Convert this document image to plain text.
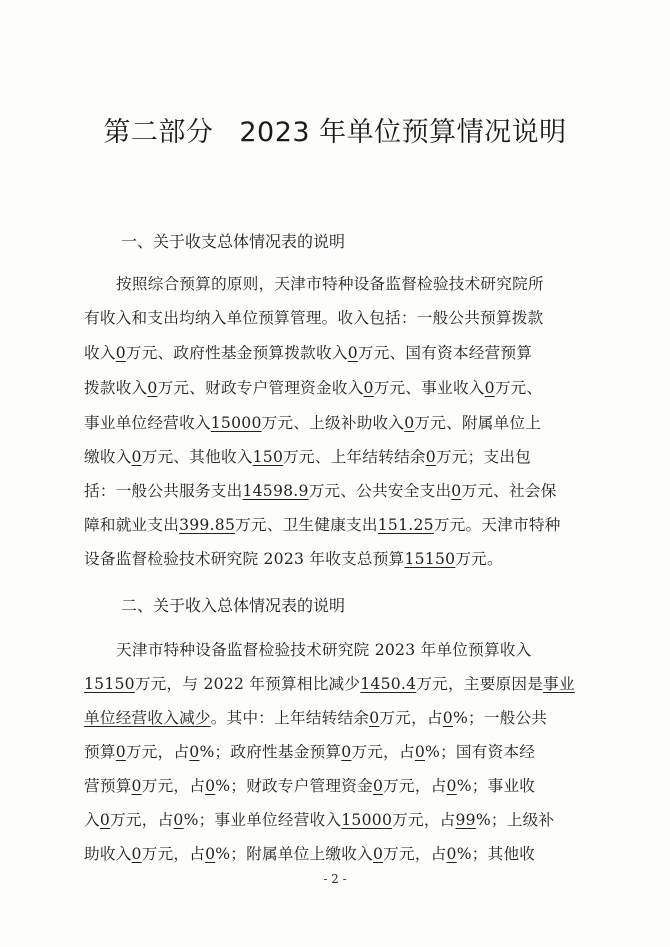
第二部分 2023 年单位预算情况说明
一、关于收支总体情况表的说明
按照综合预算的原则，天津市特种设备监督检验技术研究院所
有收入和支出均纳入单位预算管理。收入包括：一般公共预算拨款
收入0万元、政府性基金预算拨款收入0万元、国有资本经营预算
拨款收入0万元、财政专户管理资金收入0万元、事业收入0万元、
事业单位经营收入15000万元、上级补助收入0万元、附属单位上
缴收入0万元、其他收入150万元、上年结转结余0万元；支出包
括：一般公共服务支出14598.9万元、公共安全支出0万元、社会保
障和就业支出399.85万元、卫生健康支出151.25万元。天津市特种
设备监督检验技术研究院 2023 年收支总预算15150万元。
二、关于收入总体情况表的说明
天津市特种设备监督检验技术研究院 2023 年单位预算收入
15150万元，与 2022 年预算相比减少1450.4万元，主要原因是事业
单位经营收入减少。其中：上年结转结余0万元，占0%；一般公共
预算0万元，占0%；政府性基金预算0万元，占0%；国有资本经
营预算0万元，占0%；财政专户管理资金0万元，占0%；事业收
入0万元，占0%；事业单位经营收入15000万元，占99%；上级补
助收入0万元，占0%；附属单位上缴收入0万元，占0%；其他收
- 2 -
